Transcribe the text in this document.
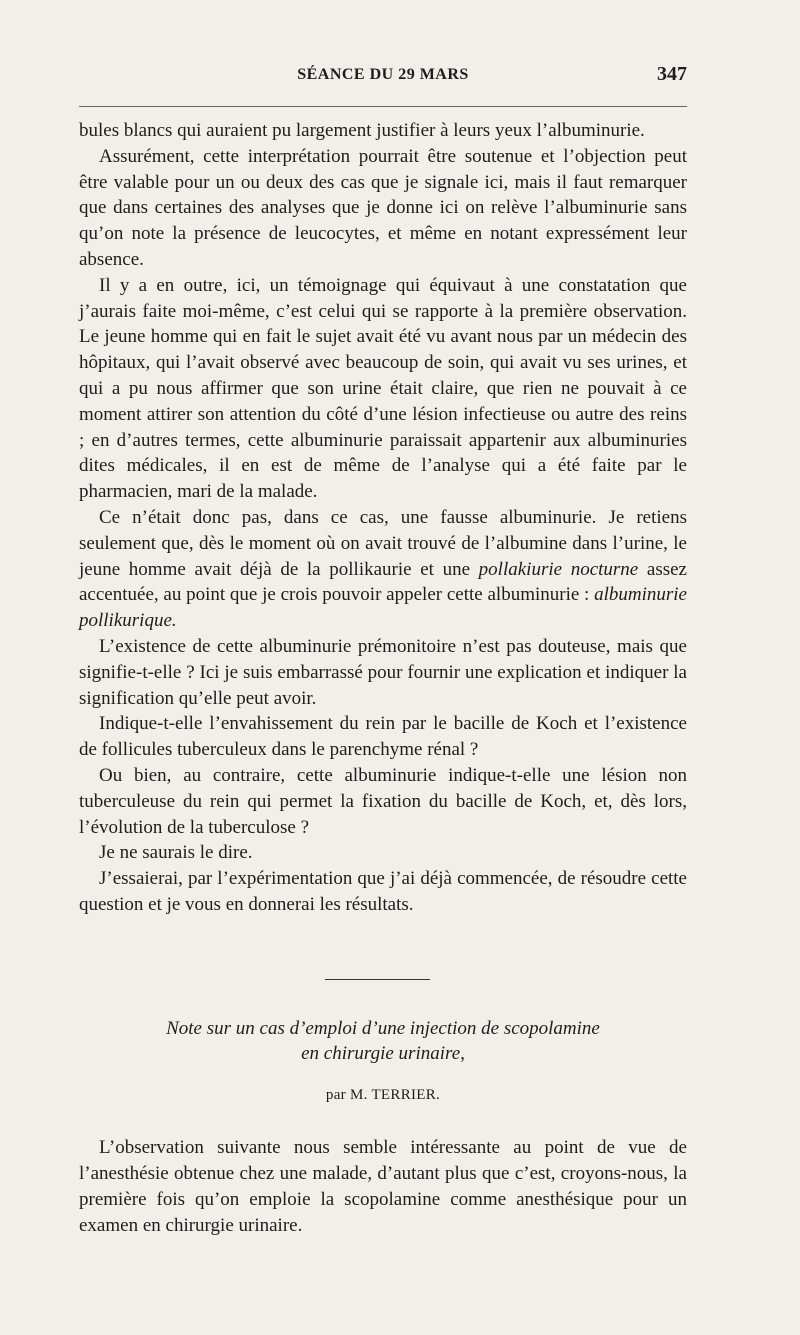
SÉANCE DU 29 MARS	347

bules blancs qui auraient pu largement justifier à leurs yeux l’albuminurie.

Assurément, cette interprétation pourrait être soutenue et l’objection peut être valable pour un ou deux des cas que je signale ici, mais il faut remarquer que dans certaines des analyses que je donne ici on relève l’albuminurie sans qu’on note la présence de leucocytes, et même en notant expressément leur absence.

Il y a en outre, ici, un témoignage qui équivaut à une constatation que j’aurais faite moi-même, c’est celui qui se rapporte à la première observation. Le jeune homme qui en fait le sujet avait été vu avant nous par un médecin des hôpitaux, qui l’avait observé avec beaucoup de soin, qui avait vu ses urines, et qui a pu nous affirmer que son urine était claire, que rien ne pouvait à ce moment attirer son attention du côté d’une lésion infectieuse ou autre des reins ; en d’autres termes, cette albuminurie paraissait appartenir aux albuminuries dites médicales, il en est de même de l’analyse qui a été faite par le pharmacien, mari de la malade.

Ce n’était donc pas, dans ce cas, une fausse albuminurie. Je retiens seulement que, dès le moment où on avait trouvé de l’albumine dans l’urine, le jeune homme avait déjà de la pollikaurie et une pollakiurie nocturne assez accentuée, au point que je crois pouvoir appeler cette albuminurie : albuminurie pollikurique.

L’existence de cette albuminurie prémonitoire n’est pas douteuse, mais que signifie-t-elle ? Ici je suis embarrassé pour fournir une explication et indiquer la signification qu’elle peut avoir.

Indique-t-elle l’envahissement du rein par le bacille de Koch et l’existence de follicules tuberculeux dans le parenchyme rénal ?

Ou bien, au contraire, cette albuminurie indique-t-elle une lésion non tuberculeuse du rein qui permet la fixation du bacille de Koch, et, dès lors, l’évolution de la tuberculose ?

Je ne saurais le dire.

J’essaierai, par l’expérimentation que j’ai déjà commencée, de résoudre cette question et je vous en donnerai les résultats.

Note sur un cas d’emploi d’une injection de scopolamine
en chirurgie urinaire,
par M. TERRIER.

L’observation suivante nous semble intéressante au point de vue de l’anesthésie obtenue chez une malade, d’autant plus que c’est, croyons-nous, la première fois qu’on emploie la scopolamine comme anesthésique pour un examen en chirurgie urinaire.
